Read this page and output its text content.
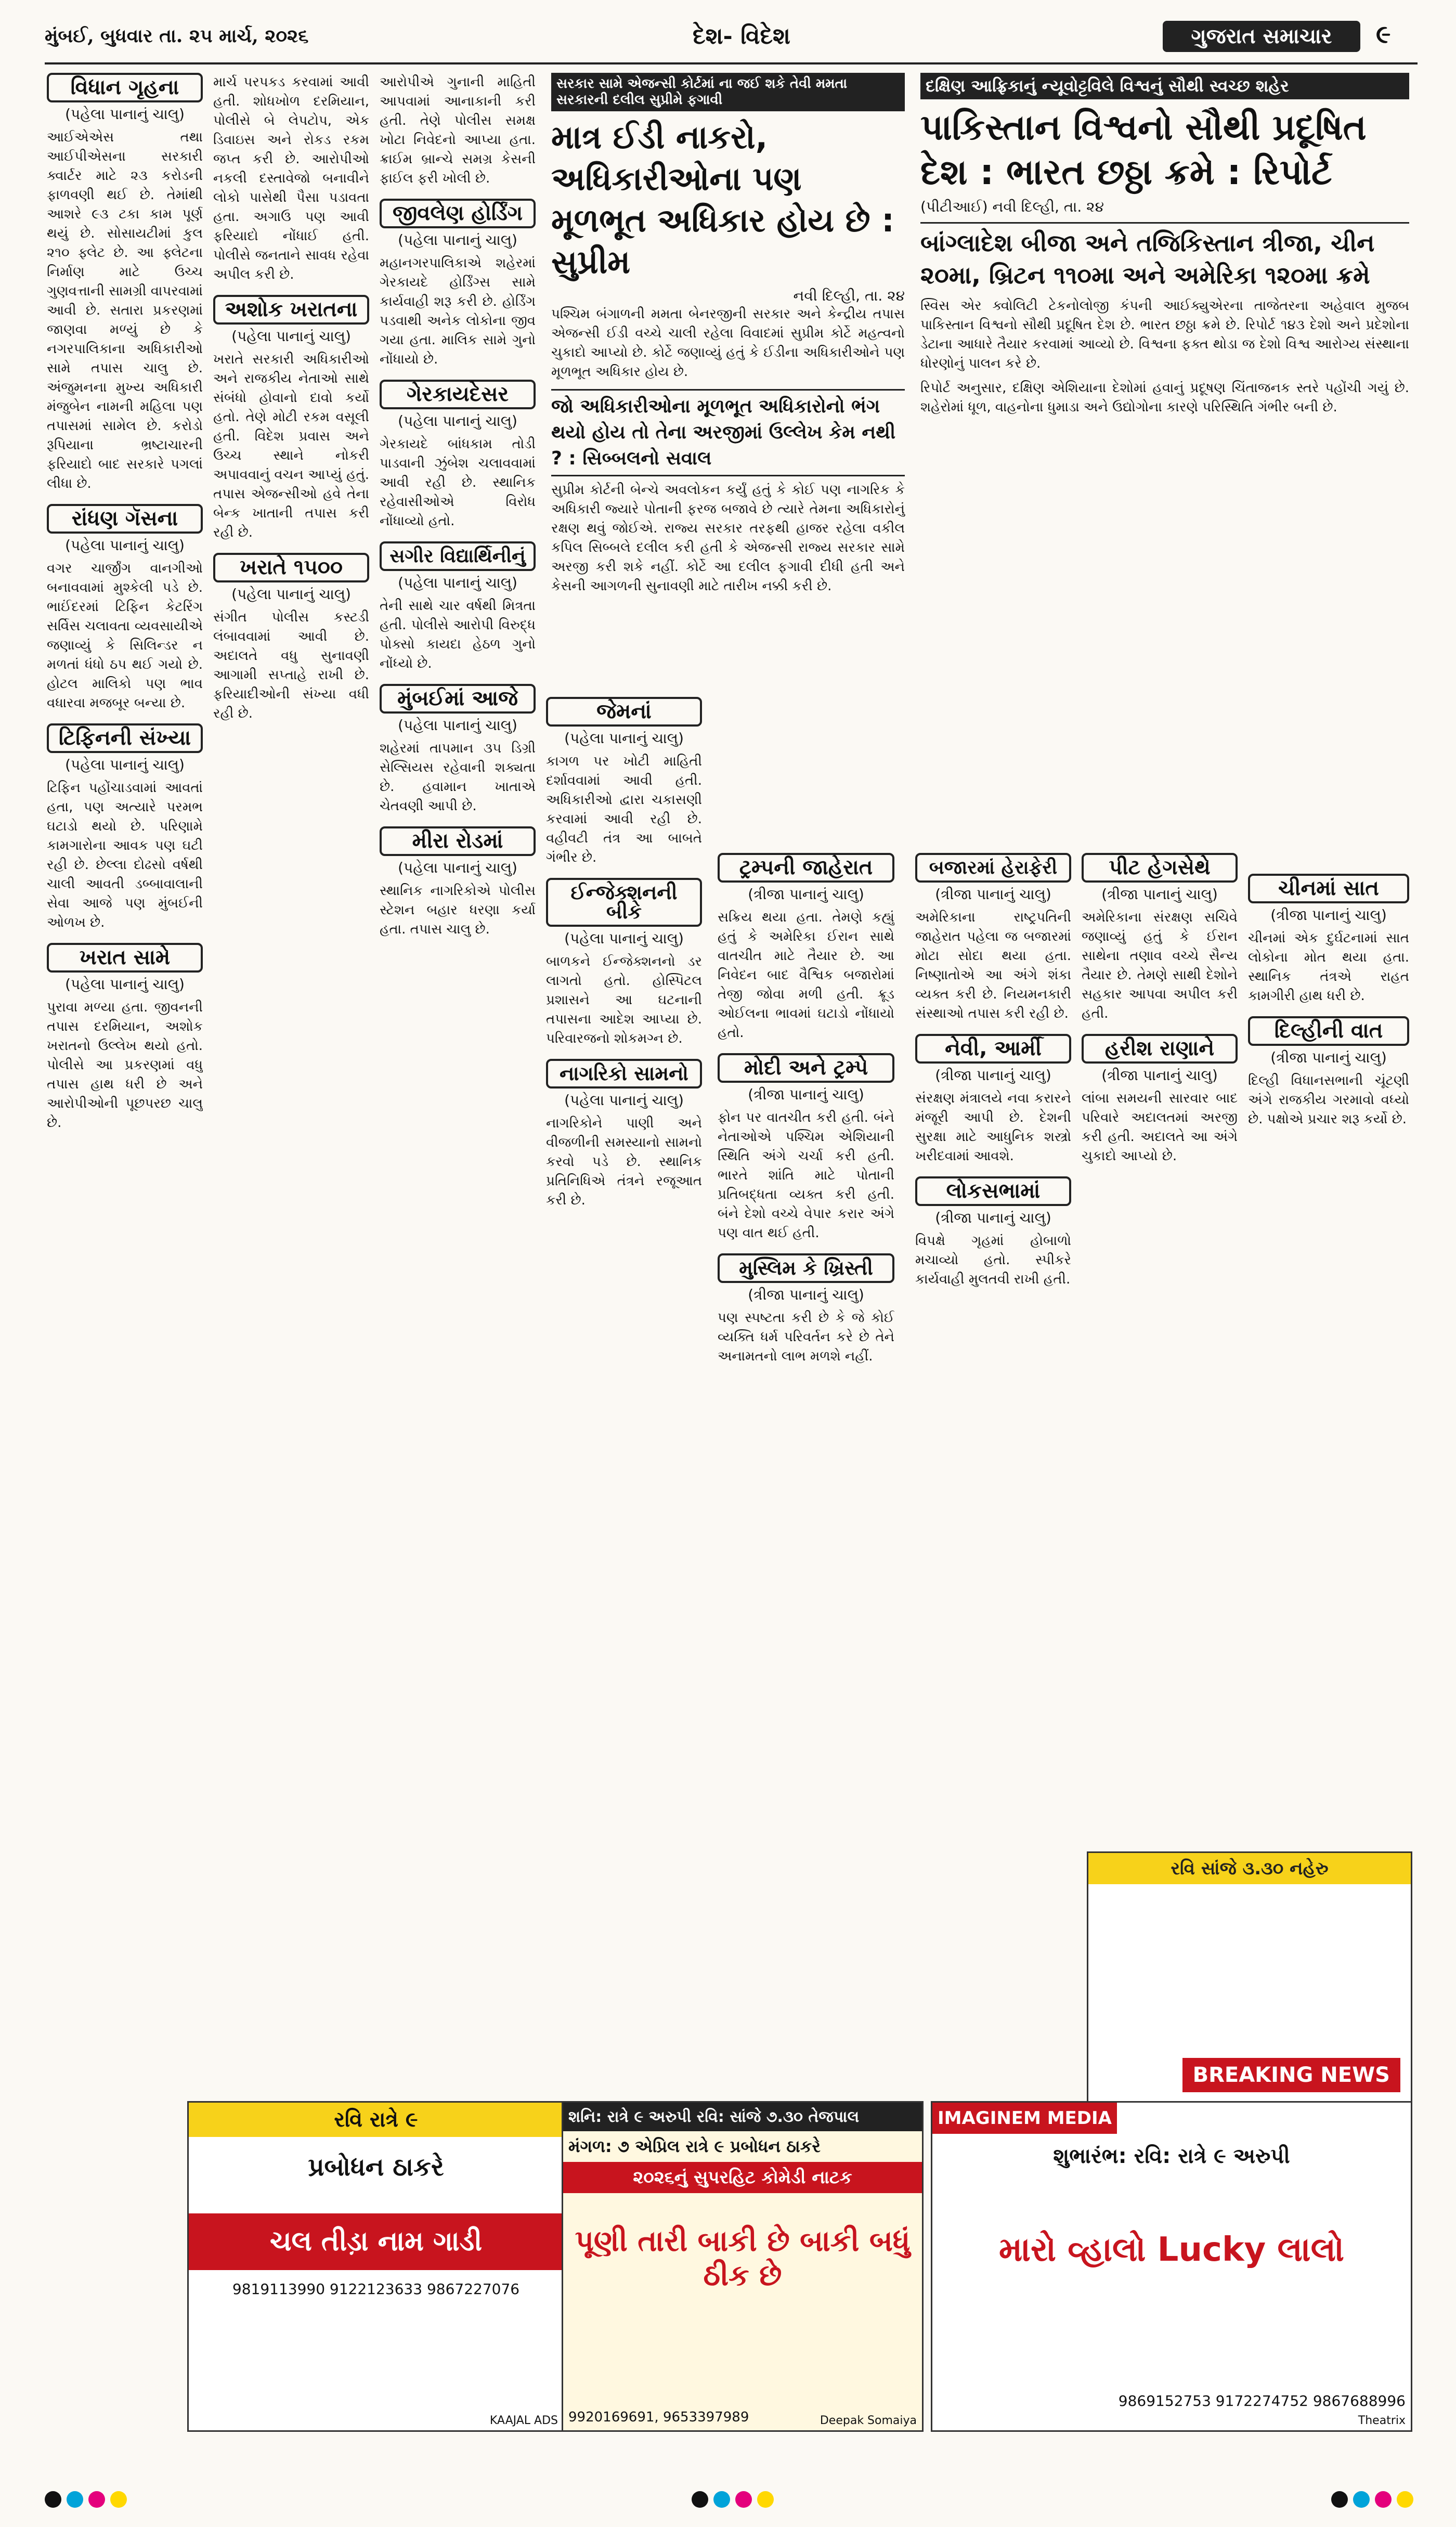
મુંબઈ, બુધવાર તા. ૨૫ માર્ચ, ૨૦૨૬	દેશ- વિદેશ	ગુજરાત સમાચાર	૯
વિધાન ગૃહના
(પહેલા પાનાનું ચાલુ)
આઈએએસ તથા આઈપીએસના સરકારી ક્વાર્ટર માટે ૨૩ કરોડની ફાળવણી થઈ છે. તેમાંથી આશરે ૯૩ ટકા કામ પૂર્ણ થયું છે. સોસાયટીમાં કુલ ૨૧૦ ફ્લેટ છે. આ ફ્લેટના નિર્માણ માટે ઉચ્ચ ગુણવત્તાની સામગ્રી વાપરવામાં આવી છે. સતારા પ્રકરણમાં જાણવા મળ્યું છે કે નગરપાલિકાના અધિકારીઓ સામે તપાસ ચાલુ છે. અંજુમનના મુખ્ય અધિકારી મંજુબેન નામની મહિલા પણ તપાસમાં સામેલ છે. કરોડો રૂપિયાના ભ્રષ્ટાચારની ફરિયાદો બાદ સરકારે પગલાં લીધા છે.
રાંધણ ગૅસના
(પહેલા પાનાનું ચાલુ)
વગર ચાર્જીંગ વાનગીઓ બનાવવામાં મુશ્કેલી પડે છે. ભાઈંદરમાં ટિફિન કેટરિંગ સર્વિસ ચલાવતા વ્યવસાયીએ જણાવ્યું કે સિલિન્ડર ન મળતાં ધંધો ઠપ થઈ ગયો છે. હોટલ માલિકો પણ ભાવ વધારવા મજબૂર બન્યા છે.
ટિફિનની સંખ્યા
(પહેલા પાનાનું ચાલુ)
ટિફિન પહોંચાડવામાં આવતાં હતા, પણ અત્યારે પરમભ ઘટાડો થયો છે. પરિણામે કામગારોના આવક પણ ઘટી રહી છે. છેલ્લા દોઢસો વર્ષથી ચાલી આવતી ડબ્બાવાલાની સેવા આજે પણ મુંબઈની ઓળખ છે.
ખરાત સામે
(પહેલા પાનાનું ચાલુ)
પુરાવા મળ્યા હતા. જીવનની તપાસ દરમિયાન, અશોક ખરાતનો ઉલ્લેખ થયો હતો. પોલીસે આ પ્રકરણમાં વધુ તપાસ હાથ ધરી છે અને આરોપીઓની પૂછપરછ ચાલુ છે.
માર્ચ પરપકડ કરવામાં આવી હતી. શોધખોળ દરમિયાન, પોલીસે બે લેપટોપ, એક ડિવાઇસ અને રોકડ રકમ જપ્ત કરી છે. આરોપીઓ નકલી દસ્તાવેજો બનાવીને લોકો પાસેથી પૈસા પડાવતા હતા. અગાઉ પણ આવી ફરિયાદો નોંધાઈ હતી. પોલીસે જનતાને સાવધ રહેવા અપીલ કરી છે.
અશોક ખરાતના
(પહેલા પાનાનું ચાલુ)
ખરાતે સરકારી અધિકારીઓ અને રાજકીય નેતાઓ સાથે સંબંધો હોવાનો દાવો કર્યો હતો. તેણે મોટી રકમ વસૂલી હતી. વિદેશ પ્રવાસ અને ઉચ્ચ સ્થાને નોકરી અપાવવાનું વચન આપ્યું હતું. તપાસ એજન્સીઓ હવે તેના બેન્ક ખાતાની તપાસ કરી રહી છે.
ખરાતે ૧૫૦૦
(પહેલા પાનાનું ચાલુ)
સંગીત પોલીસ કસ્ટડી લંબાવવામાં આવી છે. અદાલતે વધુ સુનાવણી આગામી સપ્તાહે રાખી છે. ફરિયાદીઓની સંખ્યા વધી રહી છે.
આરોપીએ ગુનાની માહિતી આપવામાં આનાકાની કરી હતી. તેણે પોલીસ સમક્ષ ખોટા નિવેદનો આપ્યા હતા. ક્રાઈમ બ્રાન્ચે સમગ્ર કેસની ફાઈલ ફરી ખોલી છે.
જીવલેણ હોર્ડિંગ
(પહેલા પાનાનું ચાલુ)
મહાનગરપાલિકાએ શહેરમાં ગેરકાયદે હોર્ડિંગ્સ સામે કાર્યવાહી શરૂ કરી છે. હોર્ડિંગ પડવાથી અનેક લોકોના જીવ ગયા હતા. માલિક સામે ગુનો નોંધાયો છે.
ગેરકાયદેસર
(પહેલા પાનાનું ચાલુ)
ગેરકાયદે બાંધકામ તોડી પાડવાની ઝુંબેશ ચલાવવામાં આવી રહી છે. સ્થાનિક રહેવાસીઓએ વિરોધ નોંધાવ્યો હતો.
સગીર વિદ્યાર્થિનીનું
(પહેલા પાનાનું ચાલુ)
તેની સાથે ચાર વર્ષથી મિત્રતા હતી. પોલીસે આરોપી વિરુદ્ધ પોક્સો કાયદા હેઠળ ગુનો નોંધ્યો છે.
મુંબઈમાં આજે
(પહેલા પાનાનું ચાલુ)
શહેરમાં તાપમાન ૩૫ ડિગ્રી સેલ્સિયસ રહેવાની શક્યતા છે. હવામાન ખાતાએ ચેતવણી આપી છે.
મીરા રોડમાં
(પહેલા પાનાનું ચાલુ)
સ્થાનિક નાગરિકોએ પોલીસ સ્ટેશન બહાર ધરણા કર્યા હતા. તપાસ ચાલુ છે.
જેમનાં
(પહેલા પાનાનું ચાલુ)
કાગળ પર ખોટી માહિતી દર્શાવવામાં આવી હતી. અધિકારીઓ દ્વારા ચકાસણી કરવામાં આવી રહી છે. વહીવટી તંત્ર આ બાબતે ગંભીર છે.
ઈન્જેક્શનની બીકે
(પહેલા પાનાનું ચાલુ)
બાળકને ઈન્જેક્શનનો ડર લાગતો હતો. હોસ્પિટલ પ્રશાસને આ ઘટનાની તપાસના આદેશ આપ્યા છે. પરિવારજનો શોકમગ્ન છે.
નાગરિકો સામનો
(પહેલા પાનાનું ચાલુ)
નાગરિકોને પાણી અને વીજળીની સમસ્યાનો સામનો કરવો પડે છે. સ્થાનિક પ્રતિનિધિએ તંત્રને રજૂઆત કરી છે.
સરકાર સામે એજન્સી કોર્ટમાં ના જઈ શકે તેવી મમતા સરકારની દલીલ સુપ્રીમે ફગાવી
માત્ર ઈડી નાકરો, અધિકારીઓના પણ મૂળભૂત અધિકાર હોય છે : સુપ્રીમ
નવી દિલ્હી, તા. ૨૪
પશ્ચિમ બંગાળની મમતા બેનરજીની સરકાર અને કેન્દ્રીય તપાસ એજન્સી ઈડી વચ્ચે ચાલી રહેલા વિવાદમાં સુપ્રીમ કોર્ટે મહત્વનો ચુકાદો આપ્યો છે. કોર્ટે જણાવ્યું હતું કે ઈડીના અધિકારીઓને પણ મૂળભૂત અધિકાર હોય છે.
જો અધિકારીઓના મૂળભૂત અધિકારોનો ભંગ થયો હોય તો તેના અરજીમાં ઉલ્લેખ કેમ નથી ? : સિબ્બલનો સવાલ
સુપ્રીમ કોર્ટની બેન્ચે અવલોકન કર્યું હતું કે કોઈ પણ નાગરિક કે અધિકારી જ્યારે પોતાની ફરજ બજાવે છે ત્યારે તેમના અધિકારોનું રક્ષણ થવું જોઈએ. રાજ્ય સરકાર તરફથી હાજર રહેલા વકીલ કપિલ સિબ્બલે દલીલ કરી હતી કે એજન્સી રાજ્ય સરકાર સામે અરજી કરી શકે નહીં. કોર્ટે આ દલીલ ફગાવી દીધી હતી અને કેસની આગળની સુનાવણી માટે તારીખ નક્કી કરી છે.
ટ્રમ્પની જાહેરાત
(ત્રીજા પાનાનું ચાલુ)
સક્રિય થયા હતા. તેમણે કહ્યું હતું કે અમેરિકા ઈરાન સાથે વાતચીત માટે તૈયાર છે. આ નિવેદન બાદ વૈશ્વિક બજારોમાં તેજી જોવા મળી હતી. ક્રૂડ ઓઈલના ભાવમાં ઘટાડો નોંધાયો હતો.
મોદી અને ટ્રમ્પે
(ત્રીજા પાનાનું ચાલુ)
ફોન પર વાતચીત કરી હતી. બંને નેતાઓએ પશ્ચિમ એશિયાની સ્થિતિ અંગે ચર્ચા કરી હતી. ભારતે શાંતિ માટે પોતાની પ્રતિબદ્ધતા વ્યક્ત કરી હતી. બંને દેશો વચ્ચે વેપાર કરાર અંગે પણ વાત થઈ હતી.
મુસ્લિમ કે ખ્રિસ્તી
(ત્રીજા પાનાનું ચાલુ)
પણ સ્પષ્ટતા કરી છે કે જે કોઈ વ્યક્તિ ધર્મ પરિવર્તન કરે છે તેને અનામતનો લાભ મળશે નહીં.
બજારમાં હેરાફેરી
(ત્રીજા પાનાનું ચાલુ)
અમેરિકાના રાષ્ટ્રપતિની જાહેરાત પહેલા જ બજારમાં મોટા સોદા થયા હતા. નિષ્ણાતોએ આ અંગે શંકા વ્યક્ત કરી છે. નિયમનકારી સંસ્થાઓ તપાસ કરી રહી છે.
નેવી, આર્મી
(ત્રીજા પાનાનું ચાલુ)
સંરક્ષણ મંત્રાલયે નવા કરારને મંજૂરી આપી છે. દેશની સુરક્ષા માટે આધુનિક શસ્ત્રો ખરીદવામાં આવશે.
લોકસભામાં
(ત્રીજા પાનાનું ચાલુ)
વિપક્ષે ગૃહમાં હોબાળો મચાવ્યો હતો. સ્પીકરે કાર્યવાહી મુલતવી રાખી હતી.
પીટ હેગસેથે
(ત્રીજા પાનાનું ચાલુ)
અમેરિકાના સંરક્ષણ સચિવે જણાવ્યું હતું કે ઈરાન સાથેના તણાવ વચ્ચે સૈન્ય તૈયાર છે. તેમણે સાથી દેશોને સહકાર આપવા અપીલ કરી હતી.
હરીશ રાણાને
(ત્રીજા પાનાનું ચાલુ)
લાંબા સમયની સારવાર બાદ પરિવારે અદાલતમાં અરજી કરી હતી. અદાલતે આ અંગે ચુકાદો આપ્યો છે.
દક્ષિણ આફ્રિકાનું ન્યૂવોટ્ટવિલે વિશ્વનું સૌથી સ્વચ્છ શહેર
પાકિસ્તાન વિશ્વનો સૌથી પ્રદૂષિત દેશ : ભારત છઠ્ઠા ક્રમે : રિપોર્ટ
(પીટીઆઈ) નવી દિલ્હી, તા. ૨૪
બાંગ્લાદેશ બીજા અને તજિકિસ્તાન ત્રીજા, ચીન ૨૦મા, બ્રિટન ૧૧૦મા અને અમેરિકા ૧૨૦મા ક્રમે
સ્વિસ એર ક્વોલિટી ટેકનોલોજી કંપની આઈક્યુએરના તાજેતરના અહેવાલ મુજબ પાકિસ્તાન વિશ્વનો સૌથી પ્રદૂષિત દેશ છે. ભારત છઠ્ઠા ક્રમે છે. રિપોર્ટ ૧૪૩ દેશો અને પ્રદેશોના ડેટાના આધારે તૈયાર કરવામાં આવ્યો છે. વિશ્વના ફક્ત થોડા જ દેશો વિશ્વ આરોગ્ય સંસ્થાના ધોરણોનું પાલન કરે છે.
રિપોર્ટ અનુસાર, દક્ષિણ એશિયાના દેશોમાં હવાનું પ્રદૂષણ ચિંતાજનક સ્તરે પહોંચી ગયું છે. શહેરોમાં ધૂળ, વાહનોના ધુમાડા અને ઉદ્યોગોના કારણે પરિસ્થિતિ ગંભીર બની છે.
ચીનમાં સાત
(ત્રીજા પાનાનું ચાલુ)
ચીનમાં એક દુર્ઘટનામાં સાત લોકોના મોત થયા હતા. સ્થાનિક તંત્રએ રાહત કામગીરી હાથ ધરી છે.
દિલ્હીની વાત
(ત્રીજા પાનાનું ચાલુ)
દિલ્હી વિધાનસભાની ચૂંટણી અંગે રાજકીય ગરમાવો વધ્યો છે. પક્ષોએ પ્રચાર શરૂ કર્યો છે.
રવિ સાંજે ૩.૩૦ નહેરુ
BREAKING NEWS
રવિ રાત્રે ૯
પ્રબોધન ઠાકરે
ચલ તીડ઼ા નામ ગાડી
9819113990 9122123633 9867227076
KAAJAL ADS
શનિ: રાત્રે ૯ અરુપી રવિ: સાંજે ૭.૩૦ તેજપાલ
મંગળ: ૭ એપ્રિલ રાત્રે ૯ પ્રબોધન ઠાકરે
૨૦૨૬નું સુપરહિટ કોમેડી નાટક
પૂણી તારી બાકી છે બાકી બધું ઠીક છે
9920169691, 9653397989	Deepak Somaiya
IMAGINEM MEDIA
શુભારંભ: રવિ: રાત્રે ૯ અરુપી
મારો વ્હાલો Lucky લાલો
9869152753 9172274752 9867688996
Theatrix
